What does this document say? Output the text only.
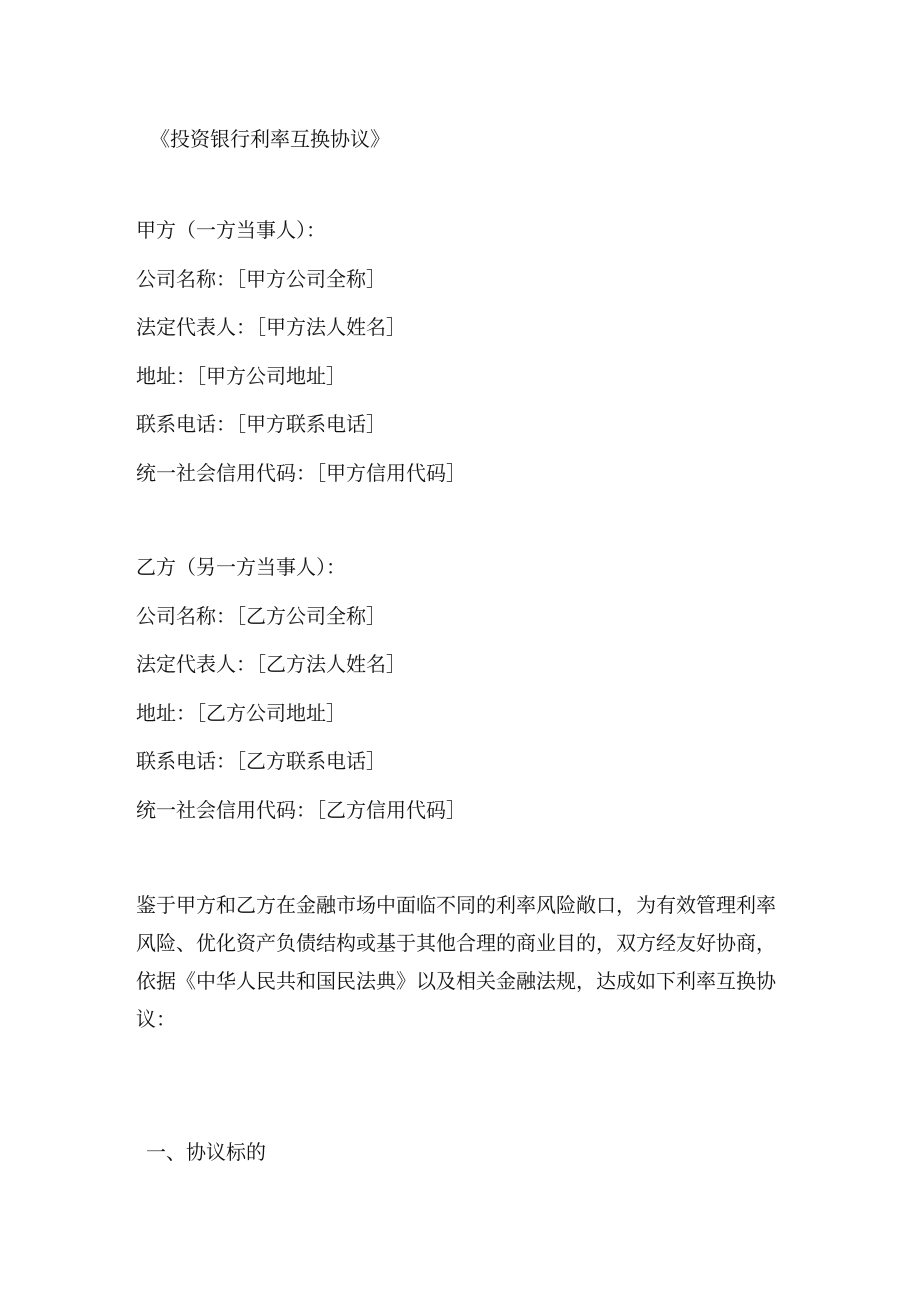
《投资银行利率互换协议》
甲方（一方当事人）：
公司名称：［甲方公司全称］
法定代表人：［甲方法人姓名］
地址：［甲方公司地址］
联系电话：［甲方联系电话］
统一社会信用代码：［甲方信用代码］
乙方（另一方当事人）：
公司名称：［乙方公司全称］
法定代表人：［乙方法人姓名］
地址：［乙方公司地址］
联系电话：［乙方联系电话］
统一社会信用代码：［乙方信用代码］

鉴于甲方和乙方在金融市场中面临不同的利率风险敞口，为有效管理利率风险、优化资产负债结构或基于其他合理的商业目的，双方经友好协商，依据《中华人民共和国民法典》以及相关金融法规，达成如下利率互换协议：

一、协议标的
